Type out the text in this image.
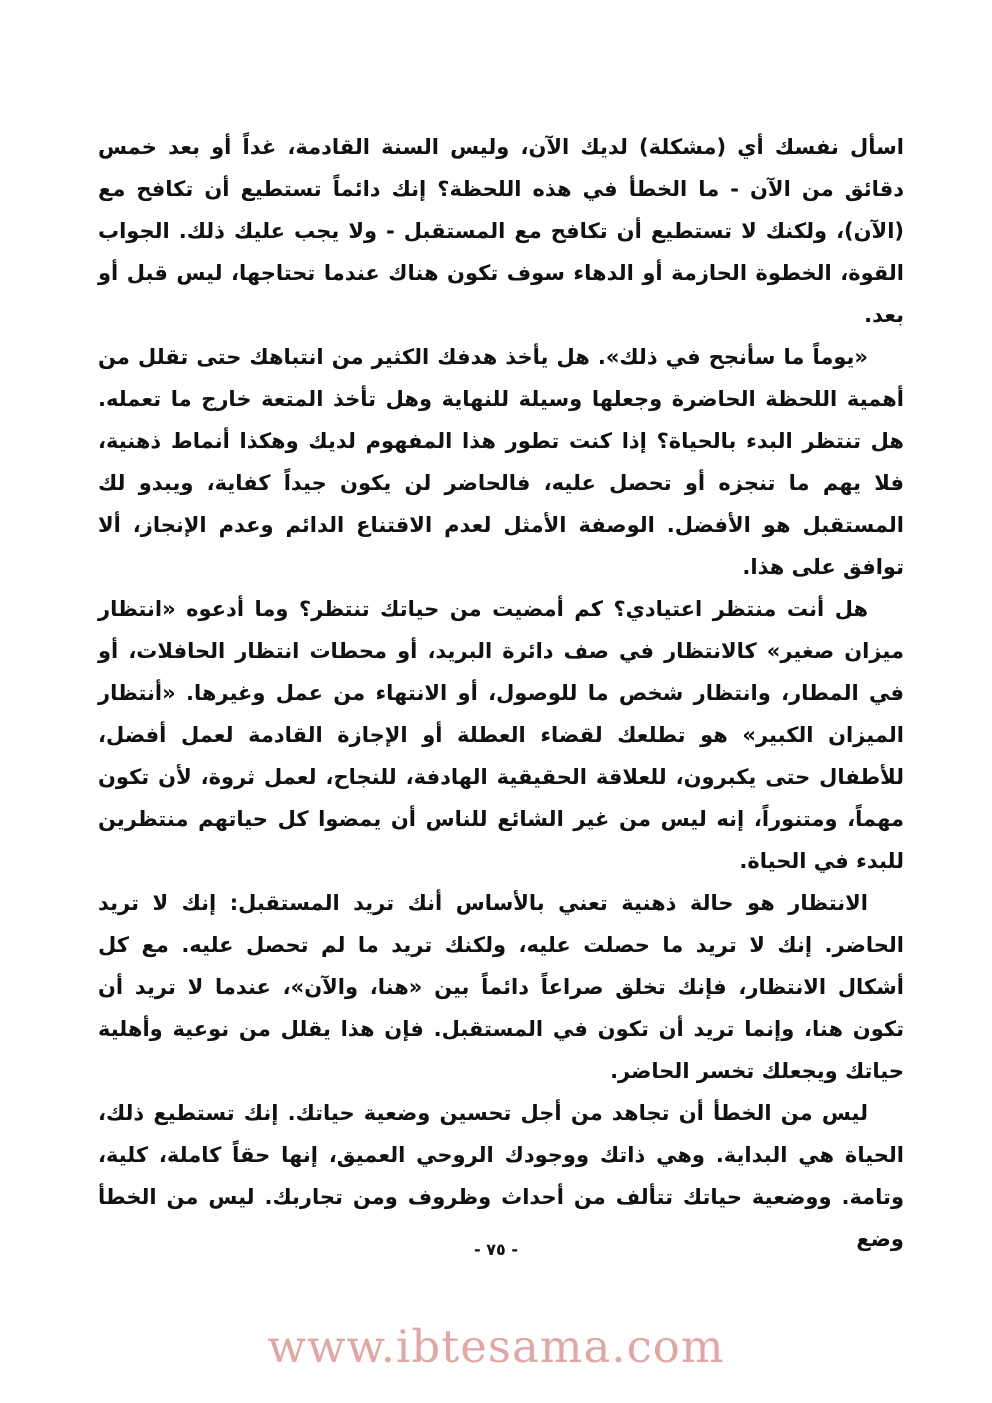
اسأل نفسك أي (مشكلة) لديك الآن، وليس السنة القادمة، غداً أو بعد خمس دقائق من الآن - ما الخطأ في هذه اللحظة؟ إنك دائماً تستطيع أن تكافح مع (الآن)، ولكنك لا تستطيع أن تكافح مع المستقبل - ولا يجب عليك ذلك. الجواب القوة، الخطوة الحازمة أو الدهاء سوف تكون هناك عندما تحتاجها، ليس قبل أو بعد.

«يوماً ما سأنجح في ذلك». هل يأخذ هدفك الكثير من انتباهك حتى تقلل من أهمية اللحظة الحاضرة وجعلها وسيلة للنهاية وهل تأخذ المتعة خارج ما تعمله. هل تنتظر البدء بالحياة؟ إذا كنت تطور هذا المفهوم لديك وهكذا أنماط ذهنية، فلا يهم ما تنجزه أو تحصل عليه، فالحاضر لن يكون جيداً كفاية، ويبدو لك المستقبل هو الأفضل. الوصفة الأمثل لعدم الاقتناع الدائم وعدم الإنجاز، ألا توافق على هذا.

هل أنت منتظر اعتيادي؟ كم أمضيت من حياتك تنتظر؟ وما أدعوه «انتظار ميزان صغير» كالانتظار في صف دائرة البريد، أو محطات انتظار الحافلات، أو في المطار، وانتظار شخص ما للوصول، أو الانتهاء من عمل وغيرها. «أنتظار الميزان الكبير» هو تطلعك لقضاء العطلة أو الإجازة القادمة لعمل أفضل، للأطفال حتى يكبرون، للعلاقة الحقيقية الهادفة، للنجاح، لعمل ثروة، لأن تكون مهماً، ومتنوراً، إنه ليس من غير الشائع للناس أن يمضوا كل حياتهم منتظرين للبدء في الحياة.

الانتظار هو حالة ذهنية تعني بالأساس أنك تريد المستقبل: إنك لا تريد الحاضر. إنك لا تريد ما حصلت عليه، ولكنك تريد ما لم تحصل عليه. مع كل أشكال الانتظار، فإنك تخلق صراعاً دائماً بين «هنا، والآن»، عندما لا تريد أن تكون هنا، وإنما تريد أن تكون في المستقبل. فإن هذا يقلل من نوعية وأهلية حياتك ويجعلك تخسر الحاضر.

ليس من الخطأ أن تجاهد من أجل تحسين وضعية حياتك. إنك تستطيع ذلك، الحياة هي البداية. وهي ذاتك ووجودك الروحي العميق، إنها حقاً كاملة، كلية، وتامة. ووضعية حياتك تتألف من أحداث وظروف ومن تجاربك. ليس من الخطأ وضع

- ٧٥ -
www.ibtesama.com
